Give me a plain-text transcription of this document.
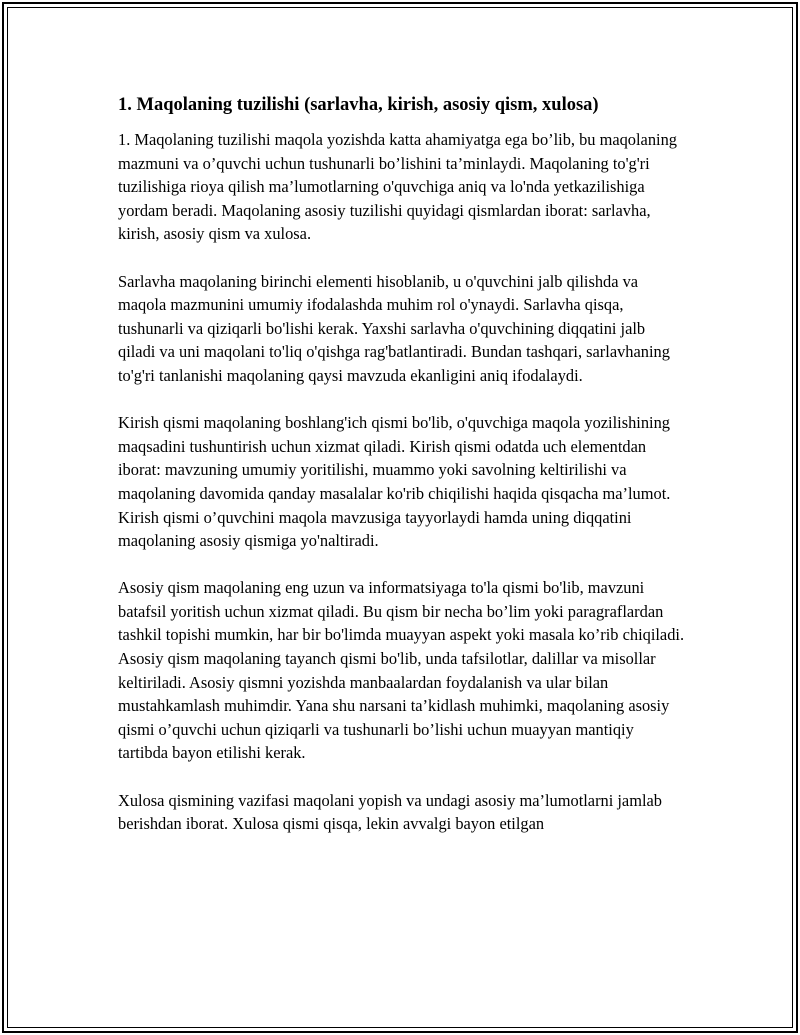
1. Maqolaning tuzilishi (sarlavha, kirish, asosiy qism, xulosa)

1. Maqolaning tuzilishi maqola yozishda katta ahamiyatga ega bo’lib, bu maqolaning mazmuni va o’quvchi uchun tushunarli bo’lishini ta’minlaydi. Maqolaning to'g'ri tuzilishiga rioya qilish ma’lumotlarning o'quvchiga aniq va lo'nda yetkazilishiga yordam beradi. Maqolaning asosiy tuzilishi quyidagi qismlardan iborat: sarlavha, kirish, asosiy qism va xulosa.

Sarlavha maqolaning birinchi elementi hisoblanib, u o'quvchini jalb qilishda va maqola mazmunini umumiy ifodalashda muhim rol o'ynaydi. Sarlavha qisqa, tushunarli va qiziqarli bo'lishi kerak. Yaxshi sarlavha o'quvchining diqqatini jalb qiladi va uni maqolani to'liq o'qishga rag'batlantiradi. Bundan tashqari, sarlavhaning to'g'ri tanlanishi maqolaning qaysi mavzuda ekanligini aniq ifodalaydi.

Kirish qismi maqolaning boshlang'ich qismi bo'lib, o'quvchiga maqola yozilishining maqsadini tushuntirish uchun xizmat qiladi. Kirish qismi odatda uch elementdan iborat: mavzuning umumiy yoritilishi, muammo yoki savolning keltirilishi va maqolaning davomida qanday masalalar ko'rib chiqilishi haqida qisqacha ma’lumot. Kirish qismi o’quvchini maqola mavzusiga tayyorlaydi hamda uning diqqatini maqolaning asosiy qismiga yo'naltiradi.

Asosiy qism maqolaning eng uzun va informatsiyaga to'la qismi bo'lib, mavzuni batafsil yoritish uchun xizmat qiladi. Bu qism bir necha bo’lim yoki paragraflardan tashkil topishi mumkin, har bir bo'limda muayyan aspekt yoki masala ko’rib chiqiladi. Asosiy qism maqolaning tayanch qismi bo'lib, unda tafsilotlar, dalillar va misollar keltiriladi. Asosiy qismni yozishda manbaalardan foydalanish va ular bilan mustahkamlash muhimdir. Yana shu narsani ta’kidlash muhimki, maqolaning asosiy qismi o’quvchi uchun qiziqarli va tushunarli bo’lishi uchun muayyan mantiqiy tartibda bayon etilishi kerak.

Xulosa qismining vazifasi maqolani yopish va undagi asosiy ma’lumotlarni jamlab berishdan iborat. Xulosa qismi qisqa, lekin avvalgi bayon etilgan
